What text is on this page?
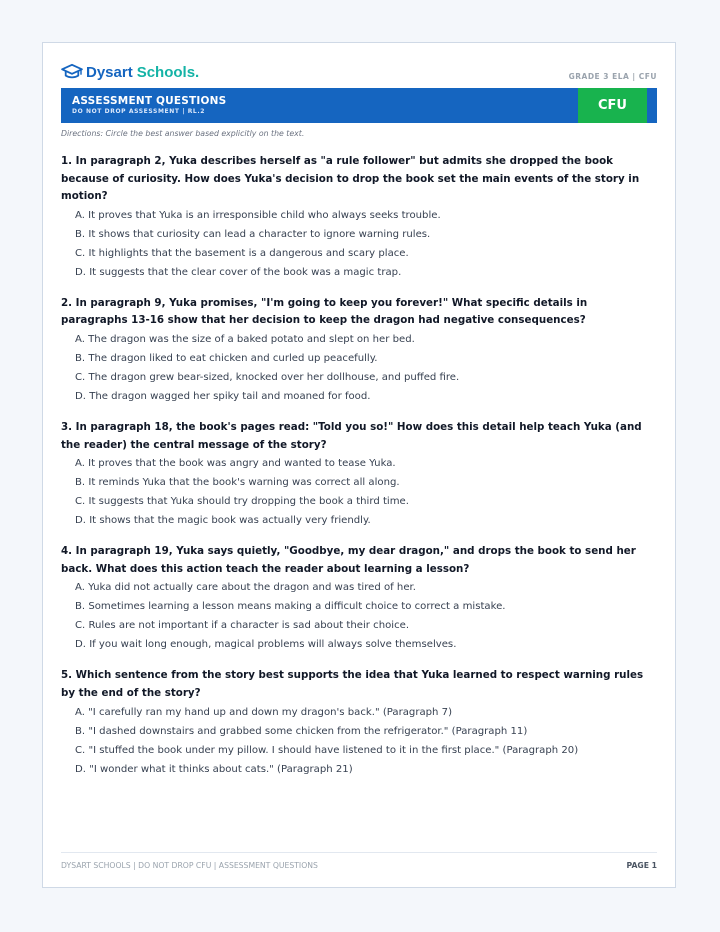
Dysart Schools.	GRADE 3 ELA | CFU
ASSESSMENT QUESTIONS
DO NOT DROP ASSESSMENT | RL.2	CFU
Directions: Circle the best answer based explicitly on the text.
1. In paragraph 2, Yuka describes herself as "a rule follower" but admits she dropped the book because of curiosity. How does Yuka's decision to drop the book set the main events of the story in motion?
A. It proves that Yuka is an irresponsible child who always seeks trouble.
B. It shows that curiosity can lead a character to ignore warning rules.
C. It highlights that the basement is a dangerous and scary place.
D. It suggests that the clear cover of the book was a magic trap.
2. In paragraph 9, Yuka promises, "I'm going to keep you forever!" What specific details in paragraphs 13-16 show that her decision to keep the dragon had negative consequences?
A. The dragon was the size of a baked potato and slept on her bed.
B. The dragon liked to eat chicken and curled up peacefully.
C. The dragon grew bear-sized, knocked over her dollhouse, and puffed fire.
D. The dragon wagged her spiky tail and moaned for food.
3. In paragraph 18, the book's pages read: "Told you so!" How does this detail help teach Yuka (and the reader) the central message of the story?
A. It proves that the book was angry and wanted to tease Yuka.
B. It reminds Yuka that the book's warning was correct all along.
C. It suggests that Yuka should try dropping the book a third time.
D. It shows that the magic book was actually very friendly.
4. In paragraph 19, Yuka says quietly, "Goodbye, my dear dragon," and drops the book to send her back. What does this action teach the reader about learning a lesson?
A. Yuka did not actually care about the dragon and was tired of her.
B. Sometimes learning a lesson means making a difficult choice to correct a mistake.
C. Rules are not important if a character is sad about their choice.
D. If you wait long enough, magical problems will always solve themselves.
5. Which sentence from the story best supports the idea that Yuka learned to respect warning rules by the end of the story?
A. "I carefully ran my hand up and down my dragon's back." (Paragraph 7)
B. "I dashed downstairs and grabbed some chicken from the refrigerator." (Paragraph 11)
C. "I stuffed the book under my pillow. I should have listened to it in the first place." (Paragraph 20)
D. "I wonder what it thinks about cats." (Paragraph 21)
DYSART SCHOOLS | DO NOT DROP CFU | ASSESSMENT QUESTIONS	PAGE 1
